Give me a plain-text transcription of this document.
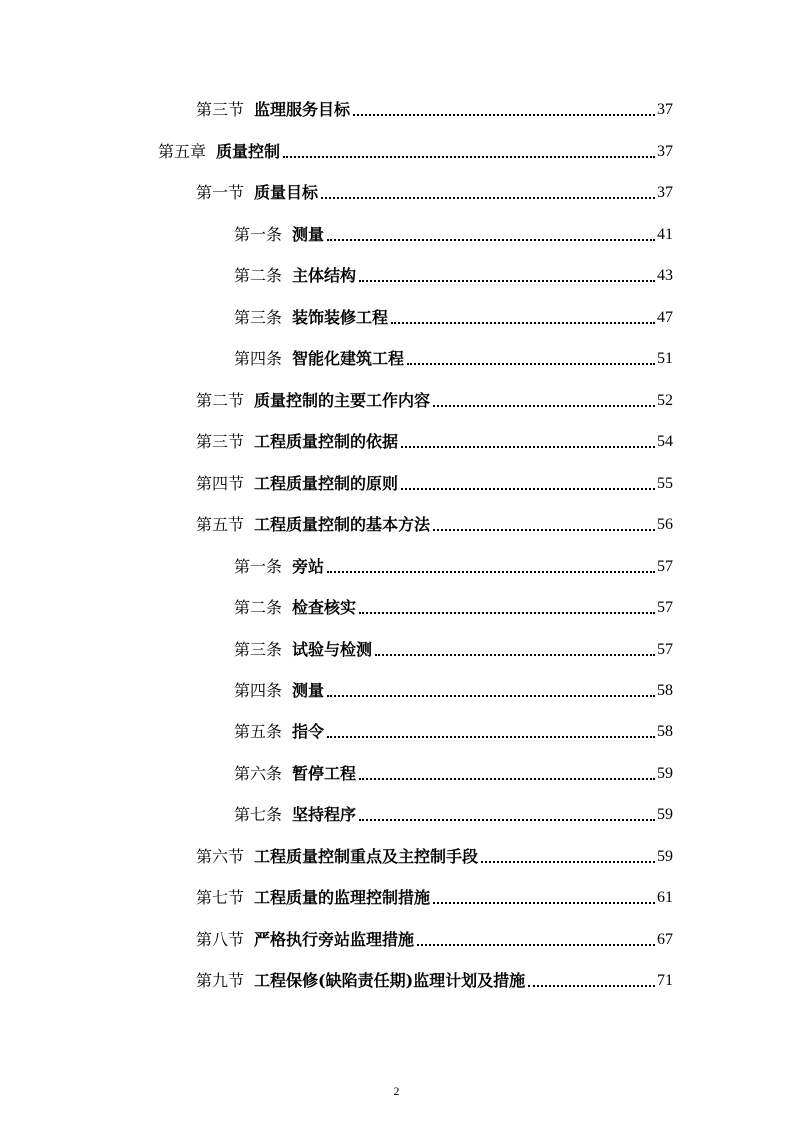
第三节 监理服务目标	37
第五章 质量控制	37
第一节 质量目标	37
第一条 测量	41
第二条 主体结构	43
第三条 装饰装修工程	47
第四条 智能化建筑工程	51
第二节 质量控制的主要工作内容	52
第三节 工程质量控制的依据	54
第四节 工程质量控制的原则	55
第五节 工程质量控制的基本方法	56
第一条 旁站	57
第二条 检查核实	57
第三条 试验与检测	57
第四条 测量	58
第五条 指令	58
第六条 暂停工程	59
第七条 坚持程序	59
第六节 工程质量控制重点及主控制手段	59
第七节 工程质量的监理控制措施	61
第八节 严格执行旁站监理措施	67
第九节 工程保修(缺陷责任期)监理计划及措施	71
2
